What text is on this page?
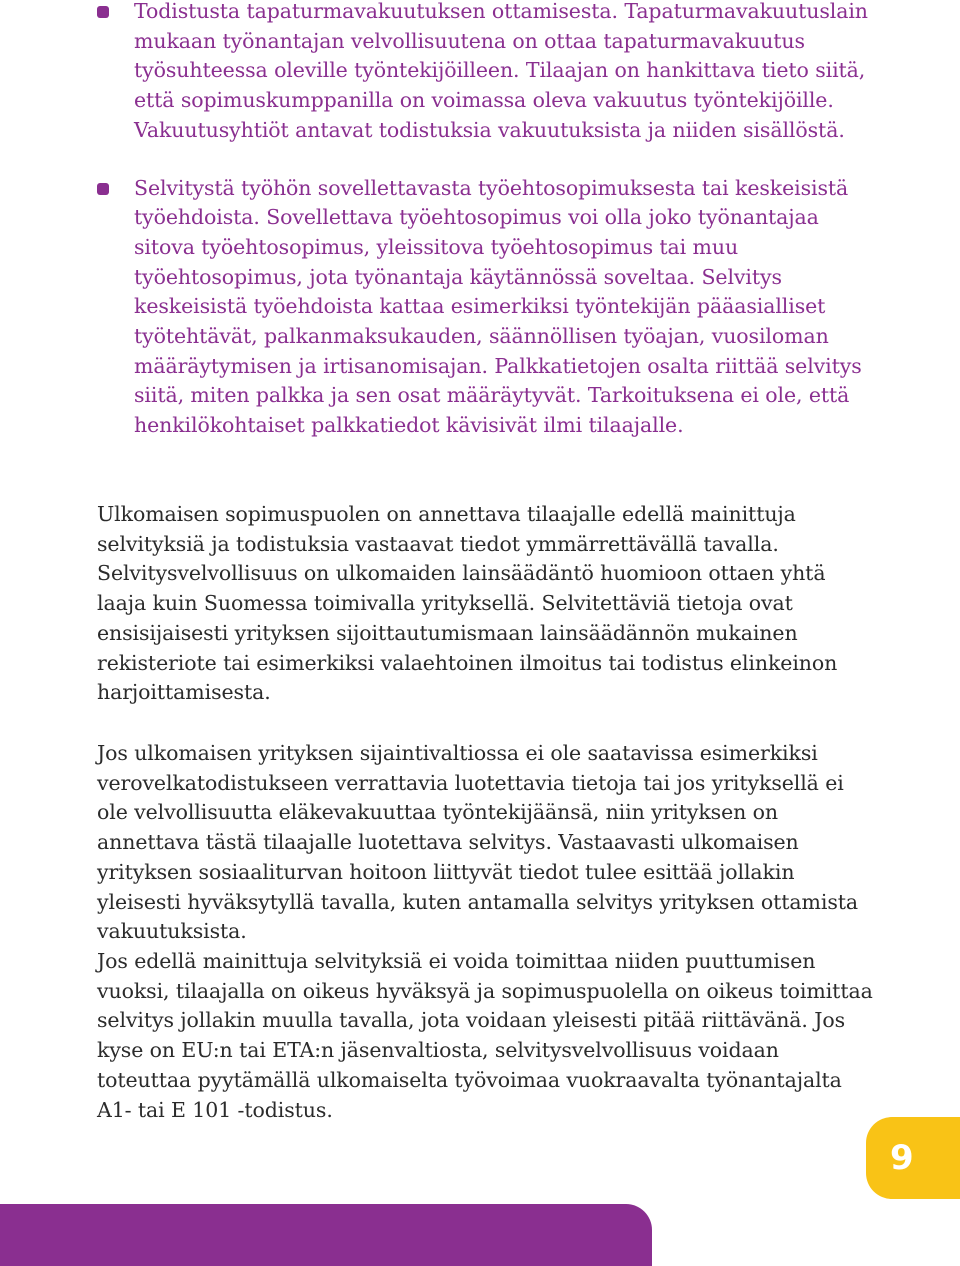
Todistusta tapaturmavakuutuksen ottamisesta. Tapaturmavakuutuslain mukaan työnantajan velvollisuutena on ottaa tapaturmavakuutus työsuhteessa oleville työntekijöilleen. Tilaajan on hankittava tieto siitä, että sopimuskumppanilla on voimassa oleva vakuutus työntekijöille. Vakuutusyhtiöt antavat todistuksia vakuutuksista ja niiden sisällöstä.
Selvitystä työhön sovellettavasta työehtosopimuksesta tai keskeisistä työehdoista. Sovellettava työehtosopimus voi olla joko työnantajaa sitova työehtosopimus, yleissitova työehtosopimus tai muu työehtosopimus, jota työnantaja käytännössä soveltaa. Selvitys keskeisistä työehdoista kattaa esimerkiksi työntekijän pääasialliset työtehtävät, palkanmaksukauden, säännöllisen työajan, vuosiloman määräytymisen ja irtisanomisajan. Palkkatietojen osalta riittää selvitys siitä, miten palkka ja sen osat määräytyvät. Tarkoituksena ei ole, että henkilökohtaiset palkkatiedot kävisivät ilmi tilaajalle.

Ulkomaisen sopimuspuolen on annettava tilaajalle edellä mainittuja selvityksiä ja todistuksia vastaavat tiedot ymmärrettävällä tavalla. Selvitysvelvollisuus on ulkomaiden lainsäädäntö huomioon ottaen yhtä laaja kuin Suomessa toimivalla yrityksellä. Selvitettäviä tietoja ovat ensisijaisesti yrityksen sijoittautumismaan lainsäädännön mukainen rekisteriote tai esimerkiksi valaehtoinen ilmoitus tai todistus elinkeinon harjoittamisesta.

Jos ulkomaisen yrityksen sijaintivaltiossa ei ole saatavissa esimerkiksi verovelkatodistukseen verrattavia luotettavia tietoja tai jos yrityksellä ei ole velvollisuutta eläkevakuuttaa työntekijäänsä, niin yrityksen on annettava tästä tilaajalle luotettava selvitys. Vastaavasti ulkomaisen yrityksen sosiaaliturvan hoitoon liittyvät tiedot tulee esittää jollakin yleisesti hyväksytyllä tavalla, kuten antamalla selvitys yrityksen ottamista vakuutuksista.

Jos edellä mainittuja selvityksiä ei voida toimittaa niiden puuttumisen vuoksi, tilaajalla on oikeus hyväksyä ja sopimuspuolella on oikeus toimittaa selvitys jollakin muulla tavalla, jota voidaan yleisesti pitää riittävänä. Jos kyse on EU:n tai ETA:n jäsenvaltiosta, selvitysvelvollisuus voidaan toteuttaa pyytämällä ulkomaiselta työvoimaa vuokraavalta työnantajalta A1- tai E 101 -todistus.

9
